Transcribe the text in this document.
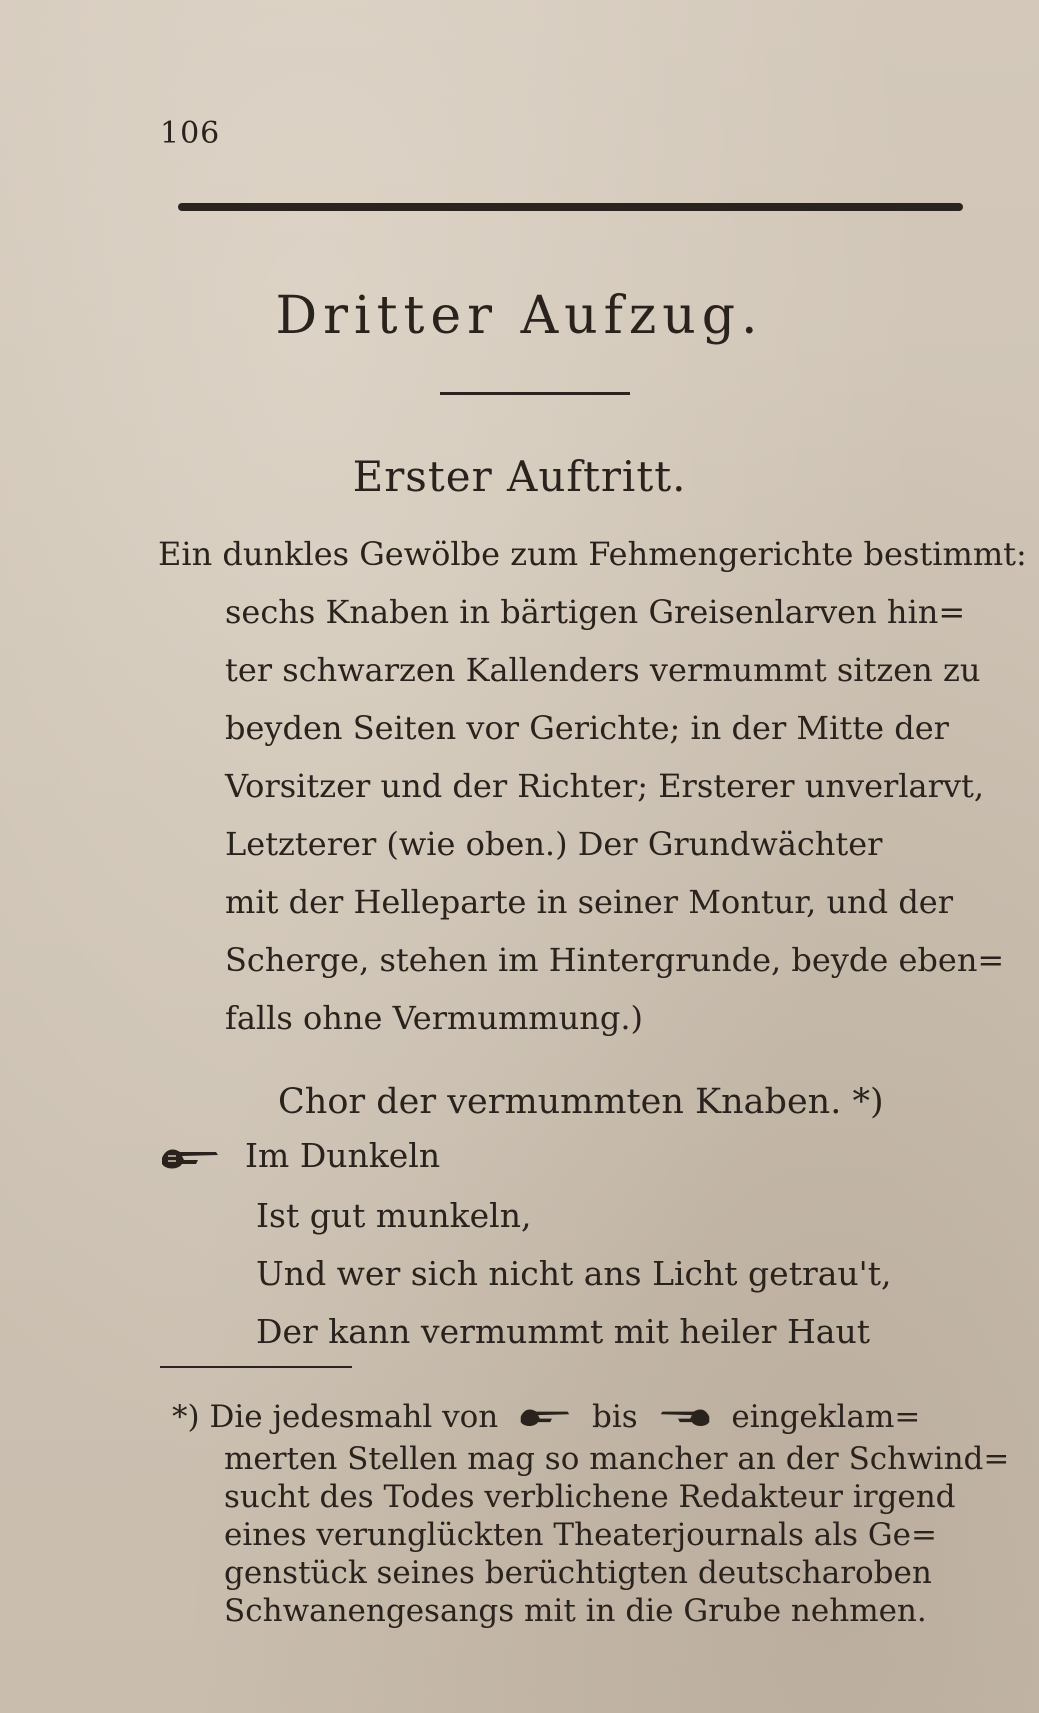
106
Dritter Aufzug.
Erster Auftritt.
Ein dunkles Gewölbe zum Fehmengerichte bestimmt:
sechs Knaben in bärtigen Greisenlarven hin=
ter schwarzen Kallenders vermummt sitzen zu
beyden Seiten vor Gerichte; in der Mitte der
Vorsitzer und der Richter; Ersterer unverlarvt,
Letzterer (wie oben.) Der Grundwächter
mit der Helleparte in seiner Montur, und der
Scherge, stehen im Hintergrunde, beyde eben=
falls ohne Vermummung.)
Chor der vermummten Knaben. *)
Im Dunkeln
Ist gut munkeln,
Und wer sich nicht ans Licht getrau't,
Der kann vermummt mit heiler Haut
*) Die jedesmahl von	bis	eingeklam=
merten Stellen mag so mancher an der Schwind=
sucht des Todes verblichene Redakteur irgend
eines verunglückten Theaterjournals als Ge=
genstück seines berüchtigten deutscharoben
Schwanengesangs mit in die Grube nehmen.
